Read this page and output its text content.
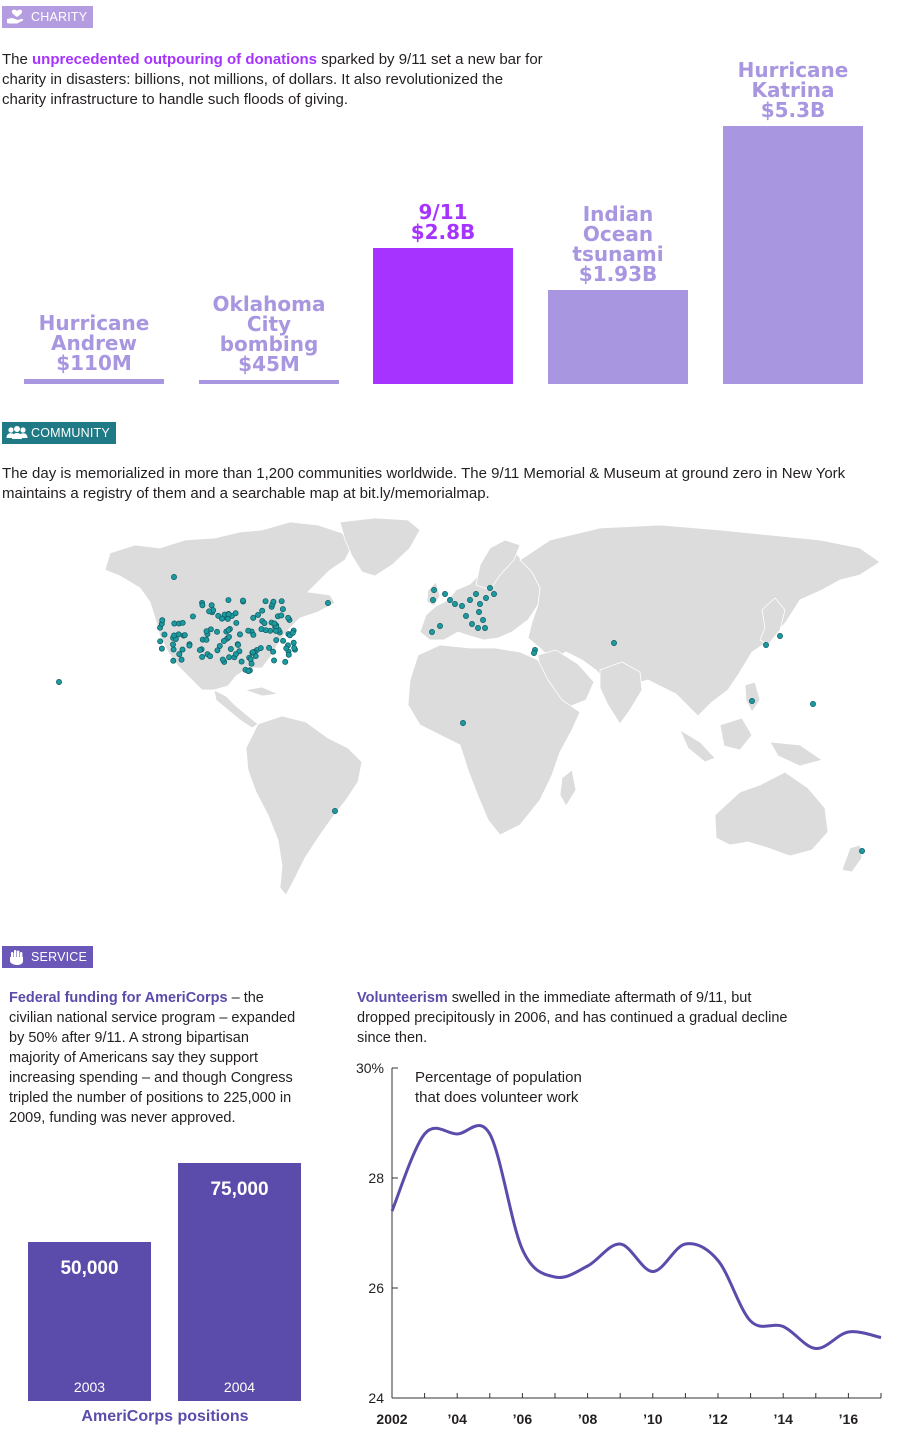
CHARITY
The unprecedented outpouring of donations sparked by 9/11 set a new bar for charity in disasters: billions, not millions, of dollars. It also revolutionized the charity infrastructure to handle such floods of giving.
Hurricane
Andrew
$110M
Oklahoma
City
bombing
$45M
9/11
$2.8B
Indian
Ocean
tsunami
$1.93B
Hurricane
Katrina
$5.3B
COMMUNITY
The day is memorialized in more than 1,200 communities worldwide. The 9/11 Memorial & Museum at ground zero in New York maintains a registry of them and a searchable map at bit.ly/memorialmap.
SERVICE
Federal funding for AmeriCorps – the civilian national service program – expanded by 50% after 9/11. A strong bipartisan majority of Americans say they support increasing spending – and though Congress tripled the number of positions to 225,000 in 2009, funding was never approved.
Volunteerism swelled in the immediate aftermath of 9/11, but dropped precipitously in 2006, and has continued a gradual decline since then.
50,000
2003
75,000
2004
AmeriCorps positions
30%
28
26
24
2002	’04	’06	’08	’10	’12	’14	’16
Percentage of population
that does volunteer work
